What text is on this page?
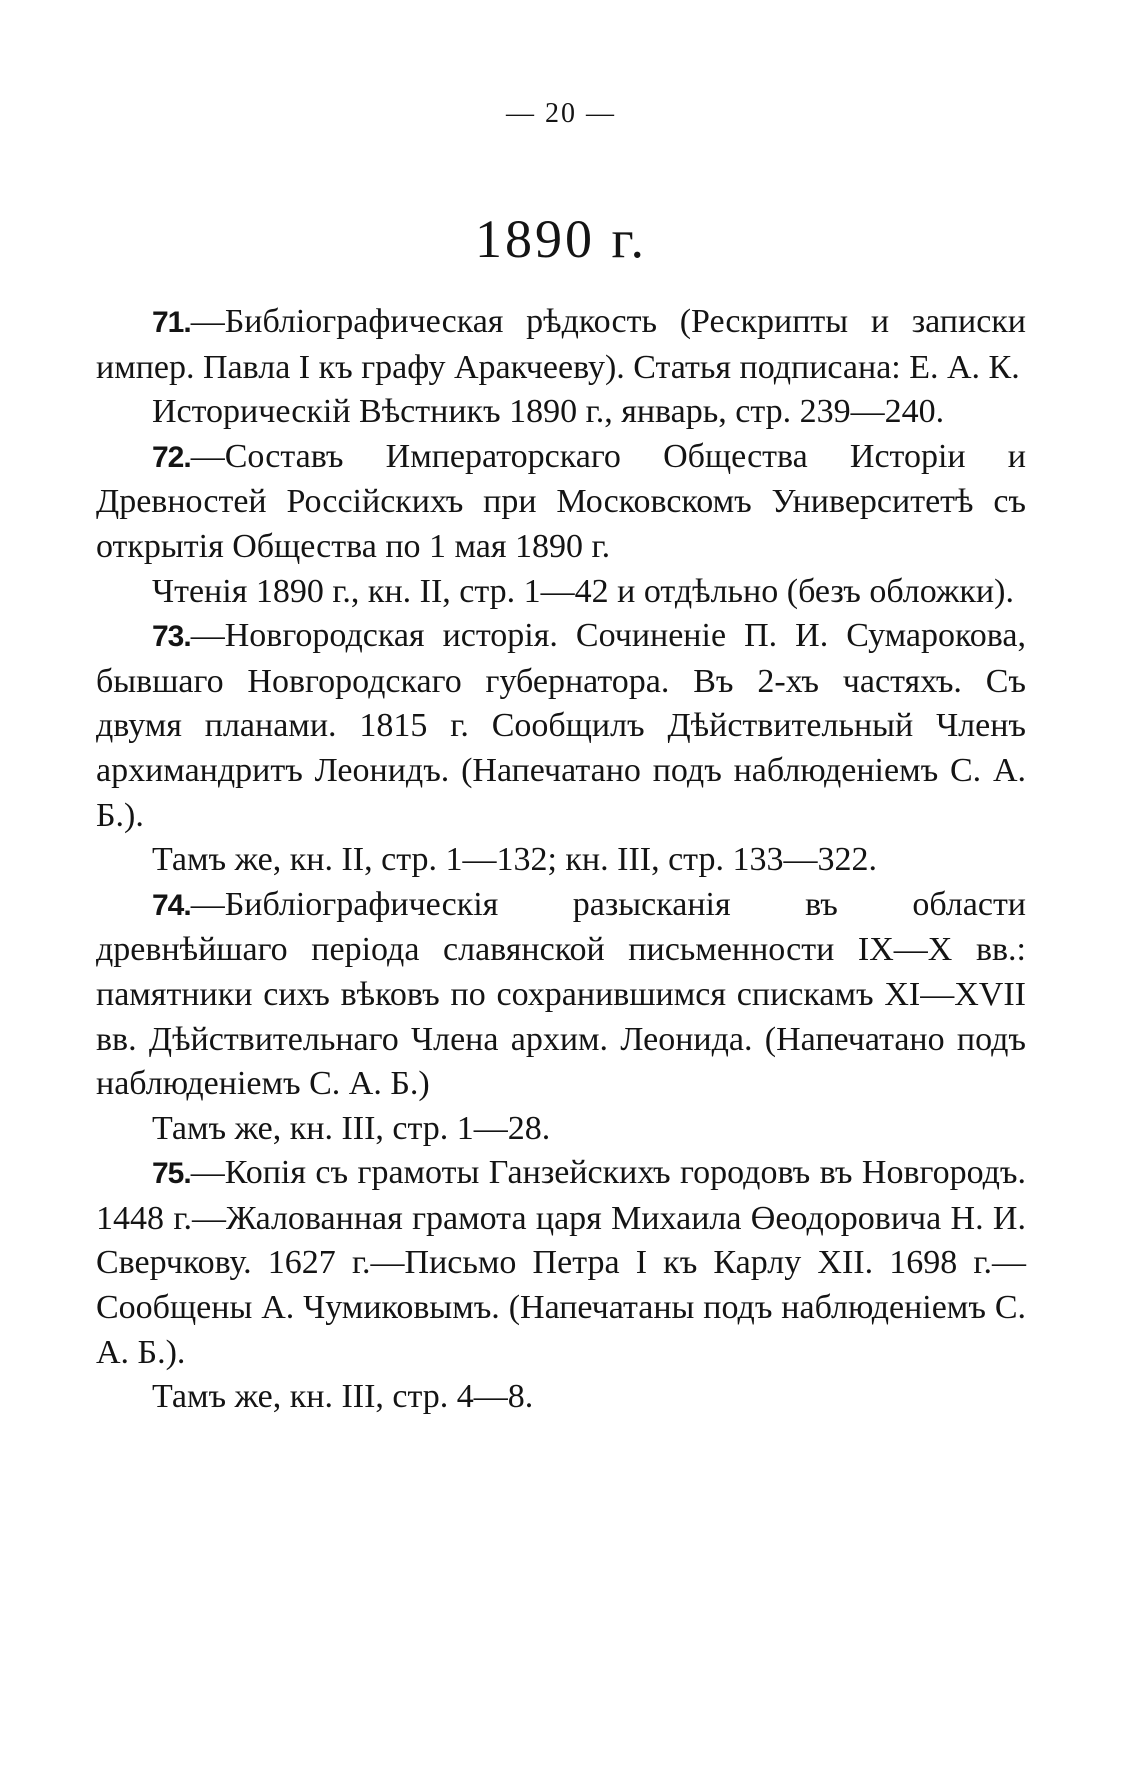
— 20 —
1890 г.

71.—Библiографическая рѣдкость (Рескрипты и записки импер. Павла I къ графу Аракчееву). Статья подписана: Е. А. К.

Историческiй Вѣстникъ 1890 г., январь, стр. 239—240.

72.—Составъ Императорскаго Общества Исторiи и Древностей Россiйскихъ при Московскомъ Университетѣ съ открытiя Общества по 1 мая 1890 г.

Чтенiя 1890 г., кн. II, стр. 1—42 и отдѣльно (безъ обложки).

73.—Новгородская исторiя. Сочиненiе П. И. Сумарокова, бывшаго Новгородскаго губернатора. Въ 2-хъ частяхъ. Съ двумя планами. 1815 г. Сообщилъ Дѣйствительный Членъ архимандритъ Леонидъ. (Напечатано подъ наблюденiемъ С. А. Б.).

Тамъ же, кн. II, стр. 1—132; кн. III, стр. 133—322.

74.—Библiографическiя разысканiя въ области древнѣйшаго перiода славянской письменности IX—X вв.: памятники сихъ вѣковъ по сохранившимся спискамъ XI—XVII вв. Дѣйствительнаго Члена архим. Леонида. (Напечатано подъ наблюденiемъ С. А. Б.)

Тамъ же, кн. III, стр. 1—28.

75.—Копiя съ грамоты Ганзейскихъ городовъ въ Новгородъ. 1448 г.—Жалованная грамота царя Михаила Өеодоровича Н. И. Сверчкову. 1627 г.—Письмо Петра I къ Карлу XII. 1698 г.—Сообщены А. Чумиковымъ. (Напечатаны подъ наблюденiемъ С. А. Б.).

Тамъ же, кн. III, стр. 4—8.
